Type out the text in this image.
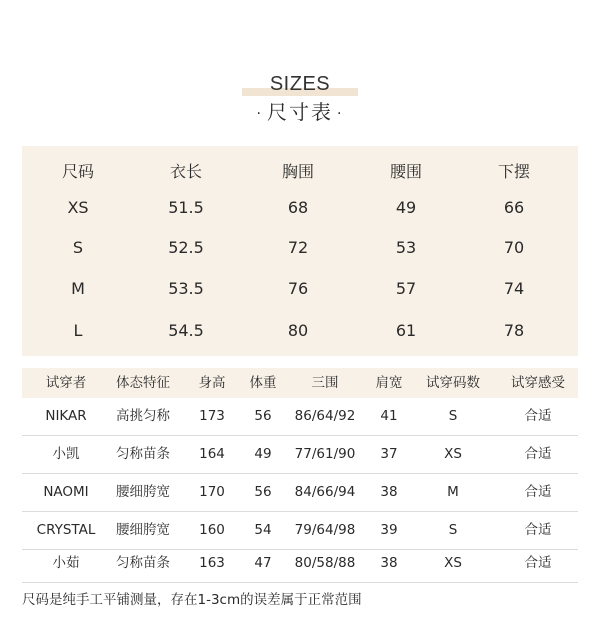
SIZES
· 尺寸表 ·
尺码	衣长	胸围	腰围	下摆
XS	51.5	68	49	66
S	52.5	72	53	70
M	53.5	76	57	74
L	54.5	80	61	78
试穿者	体态特征	身高	体重	三围	肩宽	试穿码数	试穿感受
NIKAR	高挑匀称	173	56	86/64/92	41	S	合适
小凯	匀称苗条	164	49	77/61/90	37	XS	合适
NAOMI	腰细胯宽	170	56	84/66/94	38	M	合适
CRYSTAL	腰细胯宽	160	54	79/64/98	39	S	合适
小茹	匀称苗条	163	47	80/58/88	38	XS	合适
尺码是纯手工平铺测量，存在1-3cm的误差属于正常范围
